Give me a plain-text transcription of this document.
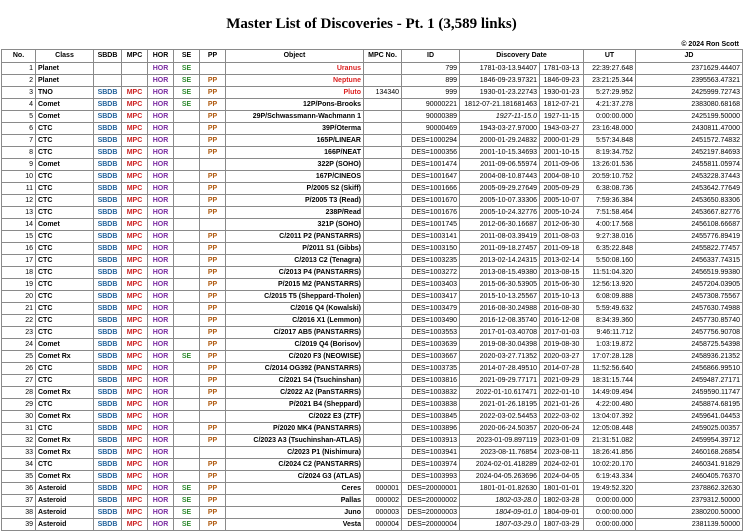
Master List of Discoveries - Pt. 1 (3,589 links)
© 2024 Ron Scott
No.	Class	SBDB	MPC	HOR	SE	PP	Object	MPC No.	ID	Discovery Date		UT	JD
1	Planet			HOR	SE		Uranus		799	1781-03-13.94407	1781-03-13	22:39:27.648	2371629.44407
2	Planet			HOR	SE	PP	Neptune		899	1846-09-23.97321	1846-09-23	23:21:25.344	2395563.47321
3	TNO	SBDB	MPC	HOR	SE	PP	Pluto	134340	999	1930-01-23.22743	1930-01-23	5:27:29.952	2425999.72743
4	Comet	SBDB	MPC	HOR	SE	PP	12P/Pons-Brooks		90000221	1812-07-21.181681463	1812-07-21	4:21:37.278	2383080.68168
5	Comet	SBDB	MPC	HOR		PP	29P/Schwassmann-Wachmann 1		90000389	1927-11-15.0	1927-11-15	0:00:00.000	2425199.50000
6	CTC	SBDB	MPC	HOR		PP	39P/Oterma		90000469	1943-03-27.97000	1943-03-27	23:16:48.000	2430811.47000
7	CTC	SBDB	MPC	HOR		PP	165P/LINEAR		DES=1000294	2000-01-29.24832	2000-01-29	5:57:34.848	2451572.74832
8	CTC	SBDB	MPC	HOR		PP	166P/NEAT		DES=1000356	2001-10-15.34693	2001-10-15	8:19:34.752	2452197.84693
9	Comet	SBDB	MPC	HOR			322P (SOHO)		DES=1001474	2011-09-06.55974	2011-09-06	13:26:01.536	2455811.05974
10	CTC	SBDB	MPC	HOR		PP	167P/CINEOS		DES=1001647	2004-08-10.87443	2004-08-10	20:59:10.752	2453228.37443
11	CTC	SBDB	MPC	HOR		PP	P/2005 S2 (Skiff)		DES=1001666	2005-09-29.27649	2005-09-29	6:38:08.736	2453642.77649
12	CTC	SBDB	MPC	HOR		PP	P/2005 T3 (Read)		DES=1001670	2005-10-07.33306	2005-10-07	7:59:36.384	2453650.83306
13	CTC	SBDB	MPC	HOR		PP	238P/Read		DES=1001676	2005-10-24.32776	2005-10-24	7:51:58.464	2453667.82776
14	Comet	SBDB	MPC	HOR			321P (SOHO)		DES=1001745	2012-06-30.16687	2012-06-30	4:00:17.568	2456108.66687
15	CTC	SBDB	MPC	HOR		PP	C/2011 P2 (PANSTARRS)		DES=1003141	2011-08-03.39419	2011-08-03	9:27:38.016	2455776.89419
16	CTC	SBDB	MPC	HOR		PP	P/2011 S1 (Gibbs)		DES=1003150	2011-09-18.27457	2011-09-18	6:35:22.848	2455822.77457
17	CTC	SBDB	MPC	HOR		PP	C/2013 C2 (Tenagra)		DES=1003235	2013-02-14.24315	2013-02-14	5:50:08.160	2456337.74315
18	CTC	SBDB	MPC	HOR		PP	C/2013 P4 (PANSTARRS)		DES=1003272	2013-08-15.49380	2013-08-15	11:51:04.320	2456519.99380
19	CTC	SBDB	MPC	HOR		PP	P/2015 M2 (PANSTARRS)		DES=1003403	2015-06-30.53905	2015-06-30	12:56:13.920	2457204.03905
20	CTC	SBDB	MPC	HOR		PP	C/2015 T5 (Sheppard-Tholen)		DES=1003417	2015-10-13.25567	2015-10-13	6:08:09.888	2457308.75567
21	CTC	SBDB	MPC	HOR		PP	C/2016 Q4 (Kowalski)		DES=1003479	2016-08-30.24988	2016-08-30	5:59:49.632	2457630.74988
22	CTC	SBDB	MPC	HOR		PP	C/2016 X1 (Lemmon)		DES=1003490	2016-12-08.35740	2016-12-08	8:34:39.360	2457730.85740
23	CTC	SBDB	MPC	HOR		PP	C/2017 AB5 (PANSTARRS)		DES=1003553	2017-01-03.40708	2017-01-03	9:46:11.712	2457756.90708
24	Comet	SBDB	MPC	HOR		PP	C/2019 Q4 (Borisov)		DES=1003639	2019-08-30.04398	2019-08-30	1:03:19.872	2458725.54398
25	Comet Rx	SBDB	MPC	HOR	SE	PP	C/2020 F3 (NEOWISE)		DES=1003667	2020-03-27.71352	2020-03-27	17:07:28.128	2458936.21352
26	CTC	SBDB	MPC	HOR		PP	C/2014 OG392 (PANSTARRS)		DES=1003735	2014-07-28.49510	2014-07-28	11:52:56.640	2456866.99510
27	CTC	SBDB	MPC	HOR		PP	C/2021 S4 (Tsuchinshan)		DES=1003816	2021-09-29.77171	2021-09-29	18:31:15.744	2459487.27171
28	Comet Rx	SBDB	MPC	HOR		PP	C/2022 A2 (PanSTARRS)		DES=1003832	2022-01-10.617471	2022-01-10	14:49:09.494	2459590.11747
29	CTC	SBDB	MPC	HOR		PP	P/2021 B4 (Sheppard)		DES=1003838	2021-01-26.18195	2021-01-26	4:22:00.480	2458874.68195
30	Comet Rx	SBDB	MPC	HOR			C/2022 E3 (ZTF)		DES=1003845	2022-03-02.54453	2022-03-02	13:04:07.392	2459641.04453
31	CTC	SBDB	MPC	HOR		PP	P/2020 MK4 (PANSTARRS)		DES=1003896	2020-06-24.50357	2020-06-24	12:05:08.448	2459025.00357
32	Comet Rx	SBDB	MPC	HOR		PP	C/2023 A3 (Tsuchinshan-ATLAS)		DES=1003913	2023-01-09.897119	2023-01-09	21:31:51.082	2459954.39712
33	Comet Rx	SBDB	MPC	HOR			C/2023 P1 (Nishimura)		DES=1003941	2023-08-11.76854	2023-08-11	18:26:41.856	2460168.26854
34	CTC	SBDB	MPC	HOR		PP	C/2024 C2 (PANSTARRS)		DES=1003974	2024-02-01.418289	2024-02-01	10:02:20.170	2460341.91829
35	Comet Rx	SBDB	MPC	HOR		PP	C/2024 G3 (ATLAS)		DES=1003993	2024-04-05.263696	2024-04-05	6:19:43.334	2460405.76370
36	Asteroid	SBDB	MPC	HOR	SE	PP	Ceres	000001	DES=20000001	1801-01-01.82630	1801-01-01	19:49:52.320	2378862.32630
37	Asteroid	SBDB	MPC	HOR	SE	PP	Pallas	000002	DES=20000002	1802-03-28.0	1802-03-28	0:00:00.000	2379312.50000
38	Asteroid	SBDB	MPC	HOR	SE	PP	Juno	000003	DES=20000003	1804-09-01.0	1804-09-01	0:00:00.000	2380200.50000
39	Asteroid	SBDB	MPC	HOR	SE	PP	Vesta	000004	DES=20000004	1807-03-29.0	1807-03-29	0:00:00.000	2381139.50000
